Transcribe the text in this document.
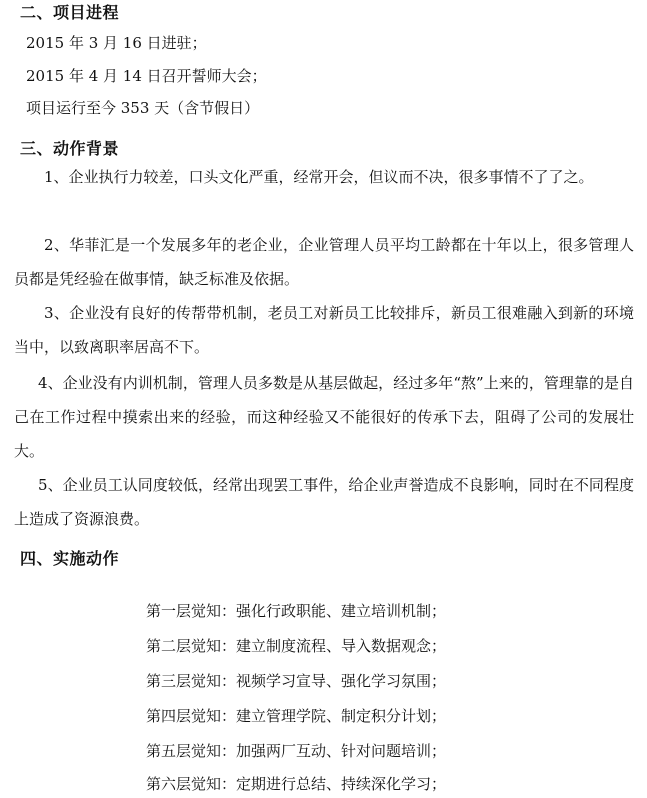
二、项目进程
2015 年 3 月 16 日进驻；
2015 年 4 月 14 日召开誓师大会；
项目运行至今 353 天（含节假日）
三、动作背景
1、企业执行力较差，口头文化严重，经常开会，但议而不决，很多事情不了了之。
2、华菲汇是一个发展多年的老企业，企业管理人员平均工龄都在十年以上，很多管理人员都是凭经验在做事情，缺乏标准及依据。
3、企业没有良好的传帮带机制，老员工对新员工比较排斥，新员工很难融入到新的环境当中，以致离职率居高不下。
4、企业没有内训机制，管理人员多数是从基层做起，经过多年“熬”上来的，管理靠的是自己在工作过程中摸索出来的经验，而这种经验又不能很好的传承下去，阻碍了公司的发展壮大。
5、企业员工认同度较低，经常出现罢工事件，给企业声誉造成不良影响，同时在不同程度上造成了资源浪费。
四、实施动作
第一层觉知：强化行政职能、建立培训机制；
第二层觉知：建立制度流程、导入数据观念；
第三层觉知：视频学习宣导、强化学习氛围；
第四层觉知：建立管理学院、制定积分计划；
第五层觉知：加强两厂互动、针对问题培训；
第六层觉知：定期进行总结、持续深化学习；
